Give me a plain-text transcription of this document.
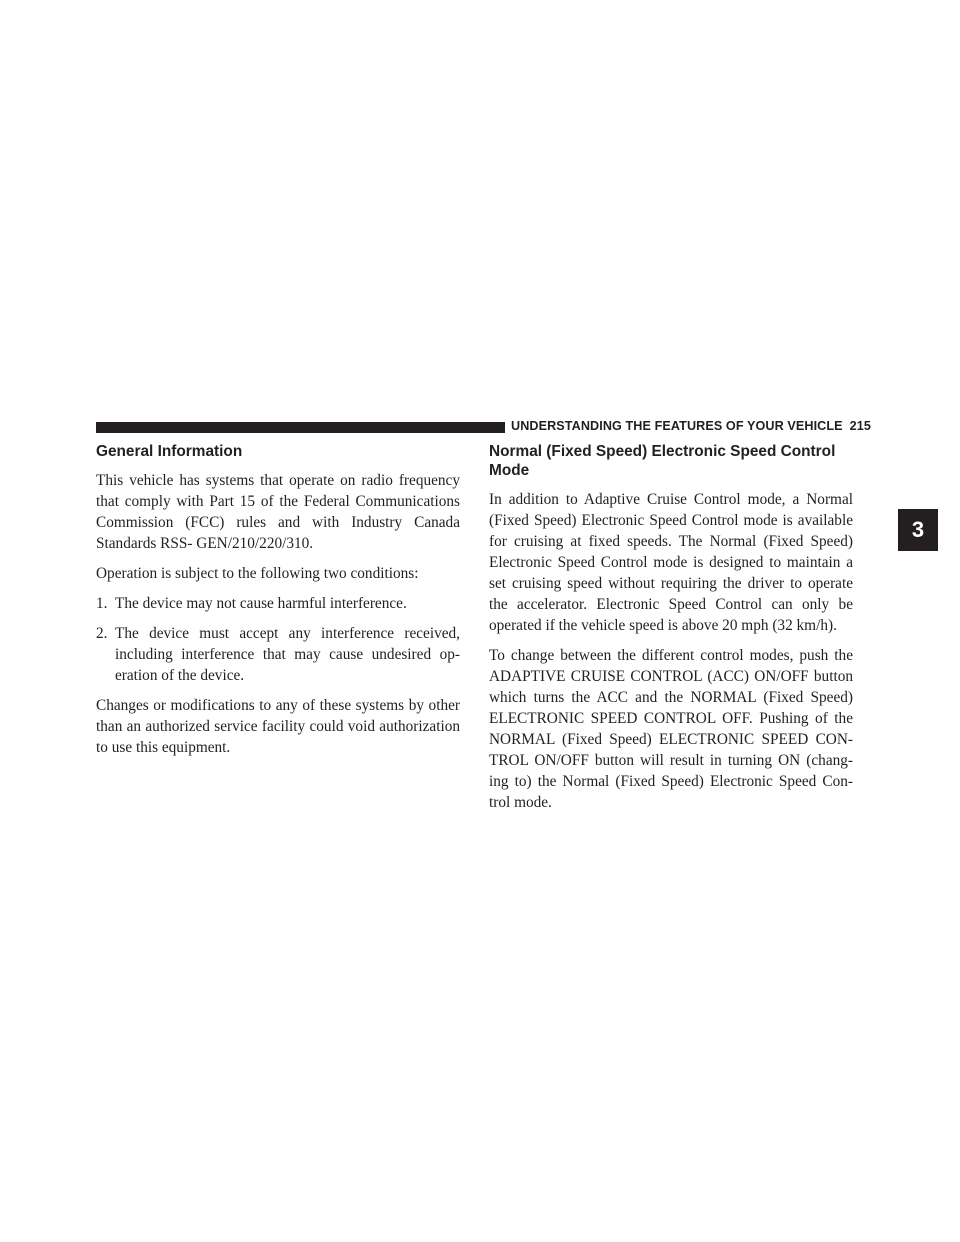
UNDERSTANDING THE FEATURES OF YOUR VEHICLE 215
3
General Information

This vehicle has systems that operate on radio frequency that comply with Part 15 of the Federal Communications Commission (FCC) rules and with Industry Canada Standards RSS- GEN/210/220/310.

Operation is subject to the following two conditions:

1. The device may not cause harmful interference.
2. The device must accept any interference received, including interference that may cause undesired op- eration of the device.

Changes or modifications to any of these systems by other than an authorized service facility could void authorization to use this equipment.

Normal (Fixed Speed) Electronic Speed Control Mode

In addition to Adaptive Cruise Control mode, a Normal (Fixed Speed) Electronic Speed Control mode is available for cruising at fixed speeds. The Normal (Fixed Speed) Electronic Speed Control mode is designed to maintain a set cruising speed without requiring the driver to operate the accelerator. Electronic Speed Control can only be operated if the vehicle speed is above 20 mph (32 km/h).

To change between the different control modes, push the ADAPTIVE CRUISE CONTROL (ACC) ON/OFF button which turns the ACC and the NORMAL (Fixed Speed) ELECTRONIC SPEED CONTROL OFF. Pushing of the NORMAL (Fixed Speed) ELECTRONIC SPEED CON- TROL ON/OFF button will result in turning ON (chang- ing to) the Normal (Fixed Speed) Electronic Speed Con- trol mode.
